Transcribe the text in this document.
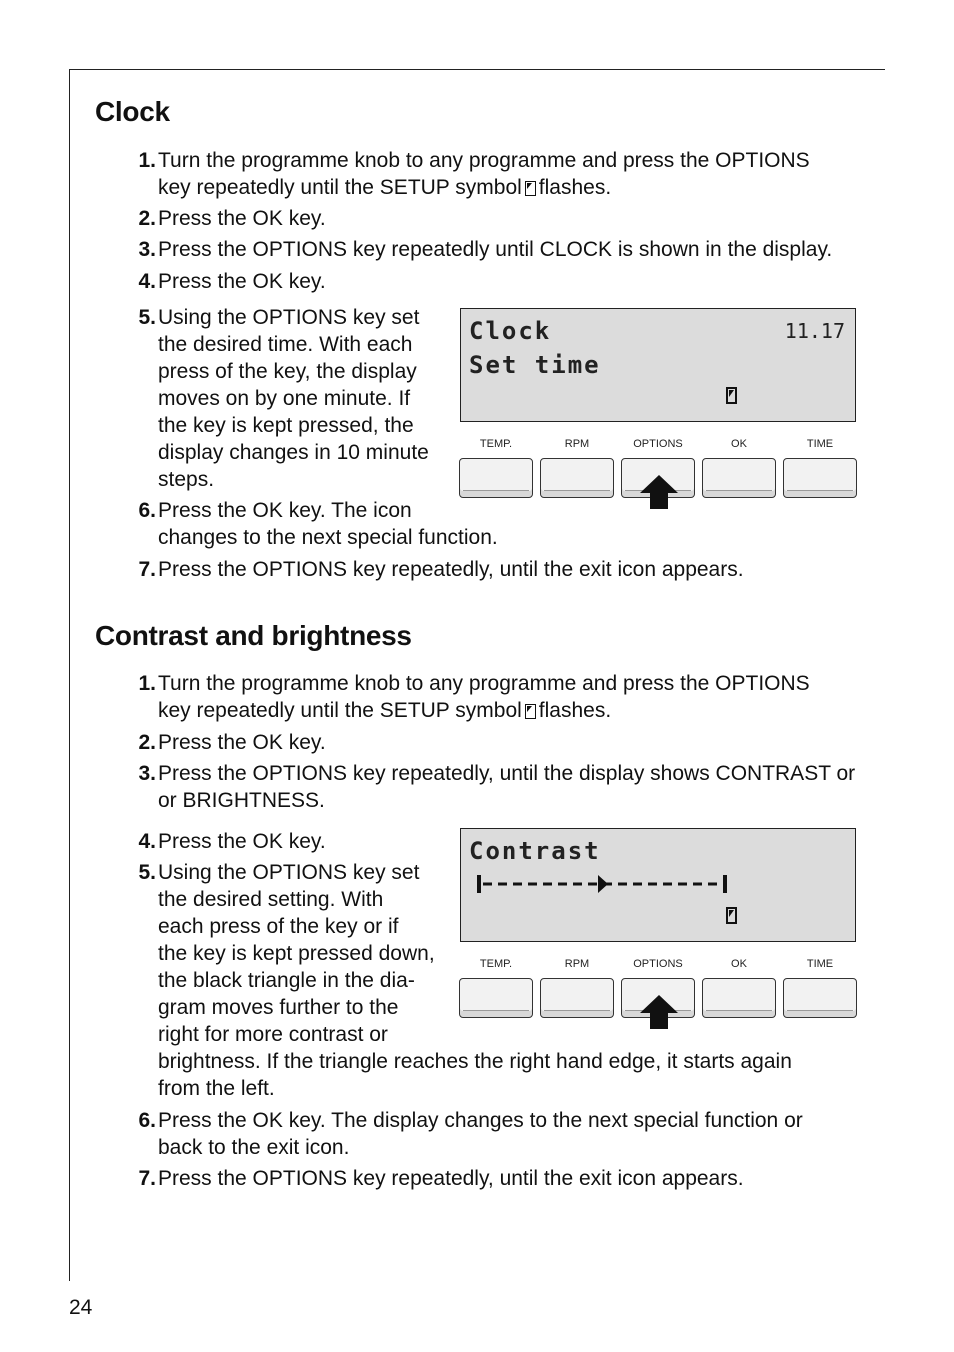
Clock
1. Turn the programme knob to any programme and press the OPTIONS
key repeatedly until the SETUP symbol flashes.
2. Press the OK key.
3. Press the OPTIONS key repeatedly until CLOCK is shown in the display.
4. Press the OK key.
5. Using the OPTIONS key set
the desired time. With each
press of the key, the display
moves on by one minute. If
the key is kept pressed, the
display changes in 10 minute
steps.
6. Press the OK key. The icon
changes to the next special function.
7. Press the OPTIONS key repeatedly, until the exit icon appears.
Clock
Set time
11.17
TEMP.	RPM	OPTIONS	OK	TIME
Contrast and brightness
1. Turn the programme knob to any programme and press the OPTIONS
key repeatedly until the SETUP symbol flashes.
2. Press the OK key.
3. Press the OPTIONS key repeatedly, until the display shows CONTRAST or
or BRIGHTNESS.
4. Press the OK key.
5. Using the OPTIONS key set
the desired setting. With
each press of the key or if
the key is kept pressed down,
the black triangle in the dia-
gram moves further to the
right for more contrast or
brightness. If the triangle reaches the right hand edge, it starts again
from the left.
6. Press the OK key. The display changes to the next special function or
back to the exit icon.
7. Press the OPTIONS key repeatedly, until the exit icon appears.
Contrast
TEMP.	RPM	OPTIONS	OK	TIME
24
